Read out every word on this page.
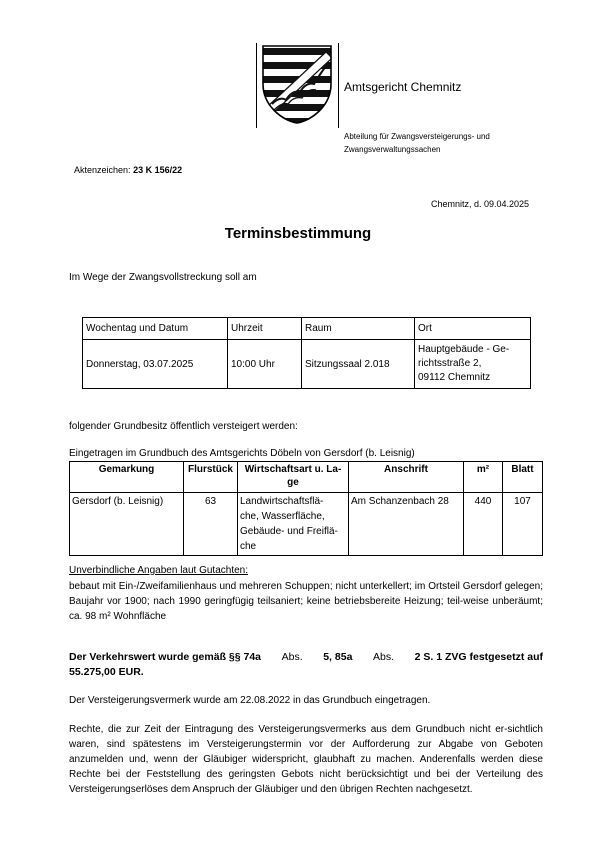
Amtsgericht Chemnitz
Abteilung für Zwangsversteigerungs- und
Zwangsverwaltungssachen
Aktenzeichen: 23 K 156/22
Chemnitz, d. 09.04.2025
Terminsbestimmung
Im Wege der Zwangsvollstreckung soll am
Wochentag und Datum	Uhrzeit	Raum	Ort
Donnerstag, 03.07.2025	10:00 Uhr	Sitzungssaal 2.018	Hauptgebäude - Ge-
richtsstraße 2,
09112 Chemnitz
folgender Grundbesitz öffentlich versteigert werden:
Eingetragen im Grundbuch des Amtsgerichts Döbeln von Gersdorf (b. Leisnig)
Gemarkung	Flurstück	Wirtschaftsart u. La-
ge	Anschrift	m²	Blatt
Gersdorf (b. Leisnig)	63	Landwirtschaftsflä-
che, Wasserfläche,
Gebäude- und Freiflä-
che	Am Schanzenbach 28	440	107
Unverbindliche Angaben laut Gutachten:
bebaut mit Ein-/Zweifamilienhaus und mehreren Schuppen; nicht unterkellert; im Ortsteil Gersdorf gelegen; Baujahr vor 1900; nach 1990 geringfügig teilsaniert; keine betriebsbereite Heizung; teil-weise unberäumt; ca. 98 m² Wohnfläche
Der Verkehrswert wurde gemäß §§ 74a Abs. 5, 85a Abs. 2 S. 1 ZVG festgesetzt auf
55.275,00 EUR.
Der Versteigerungsvermerk wurde am 22.08.2022 in das Grundbuch eingetragen.
Rechte, die zur Zeit der Eintragung des Versteigerungsvermerks aus dem Grundbuch nicht er-sichtlich waren, sind spätestens im Versteigerungstermin vor der Aufforderung zur Abgabe von Geboten anzumelden und, wenn der Gläubiger widerspricht, glaubhaft zu machen. Anderenfalls werden diese Rechte bei der Feststellung des geringsten Gebots nicht berücksichtigt und bei der Verteilung des Versteigerungserlöses dem Anspruch der Gläubiger und den übrigen Rechten nachgesetzt.
